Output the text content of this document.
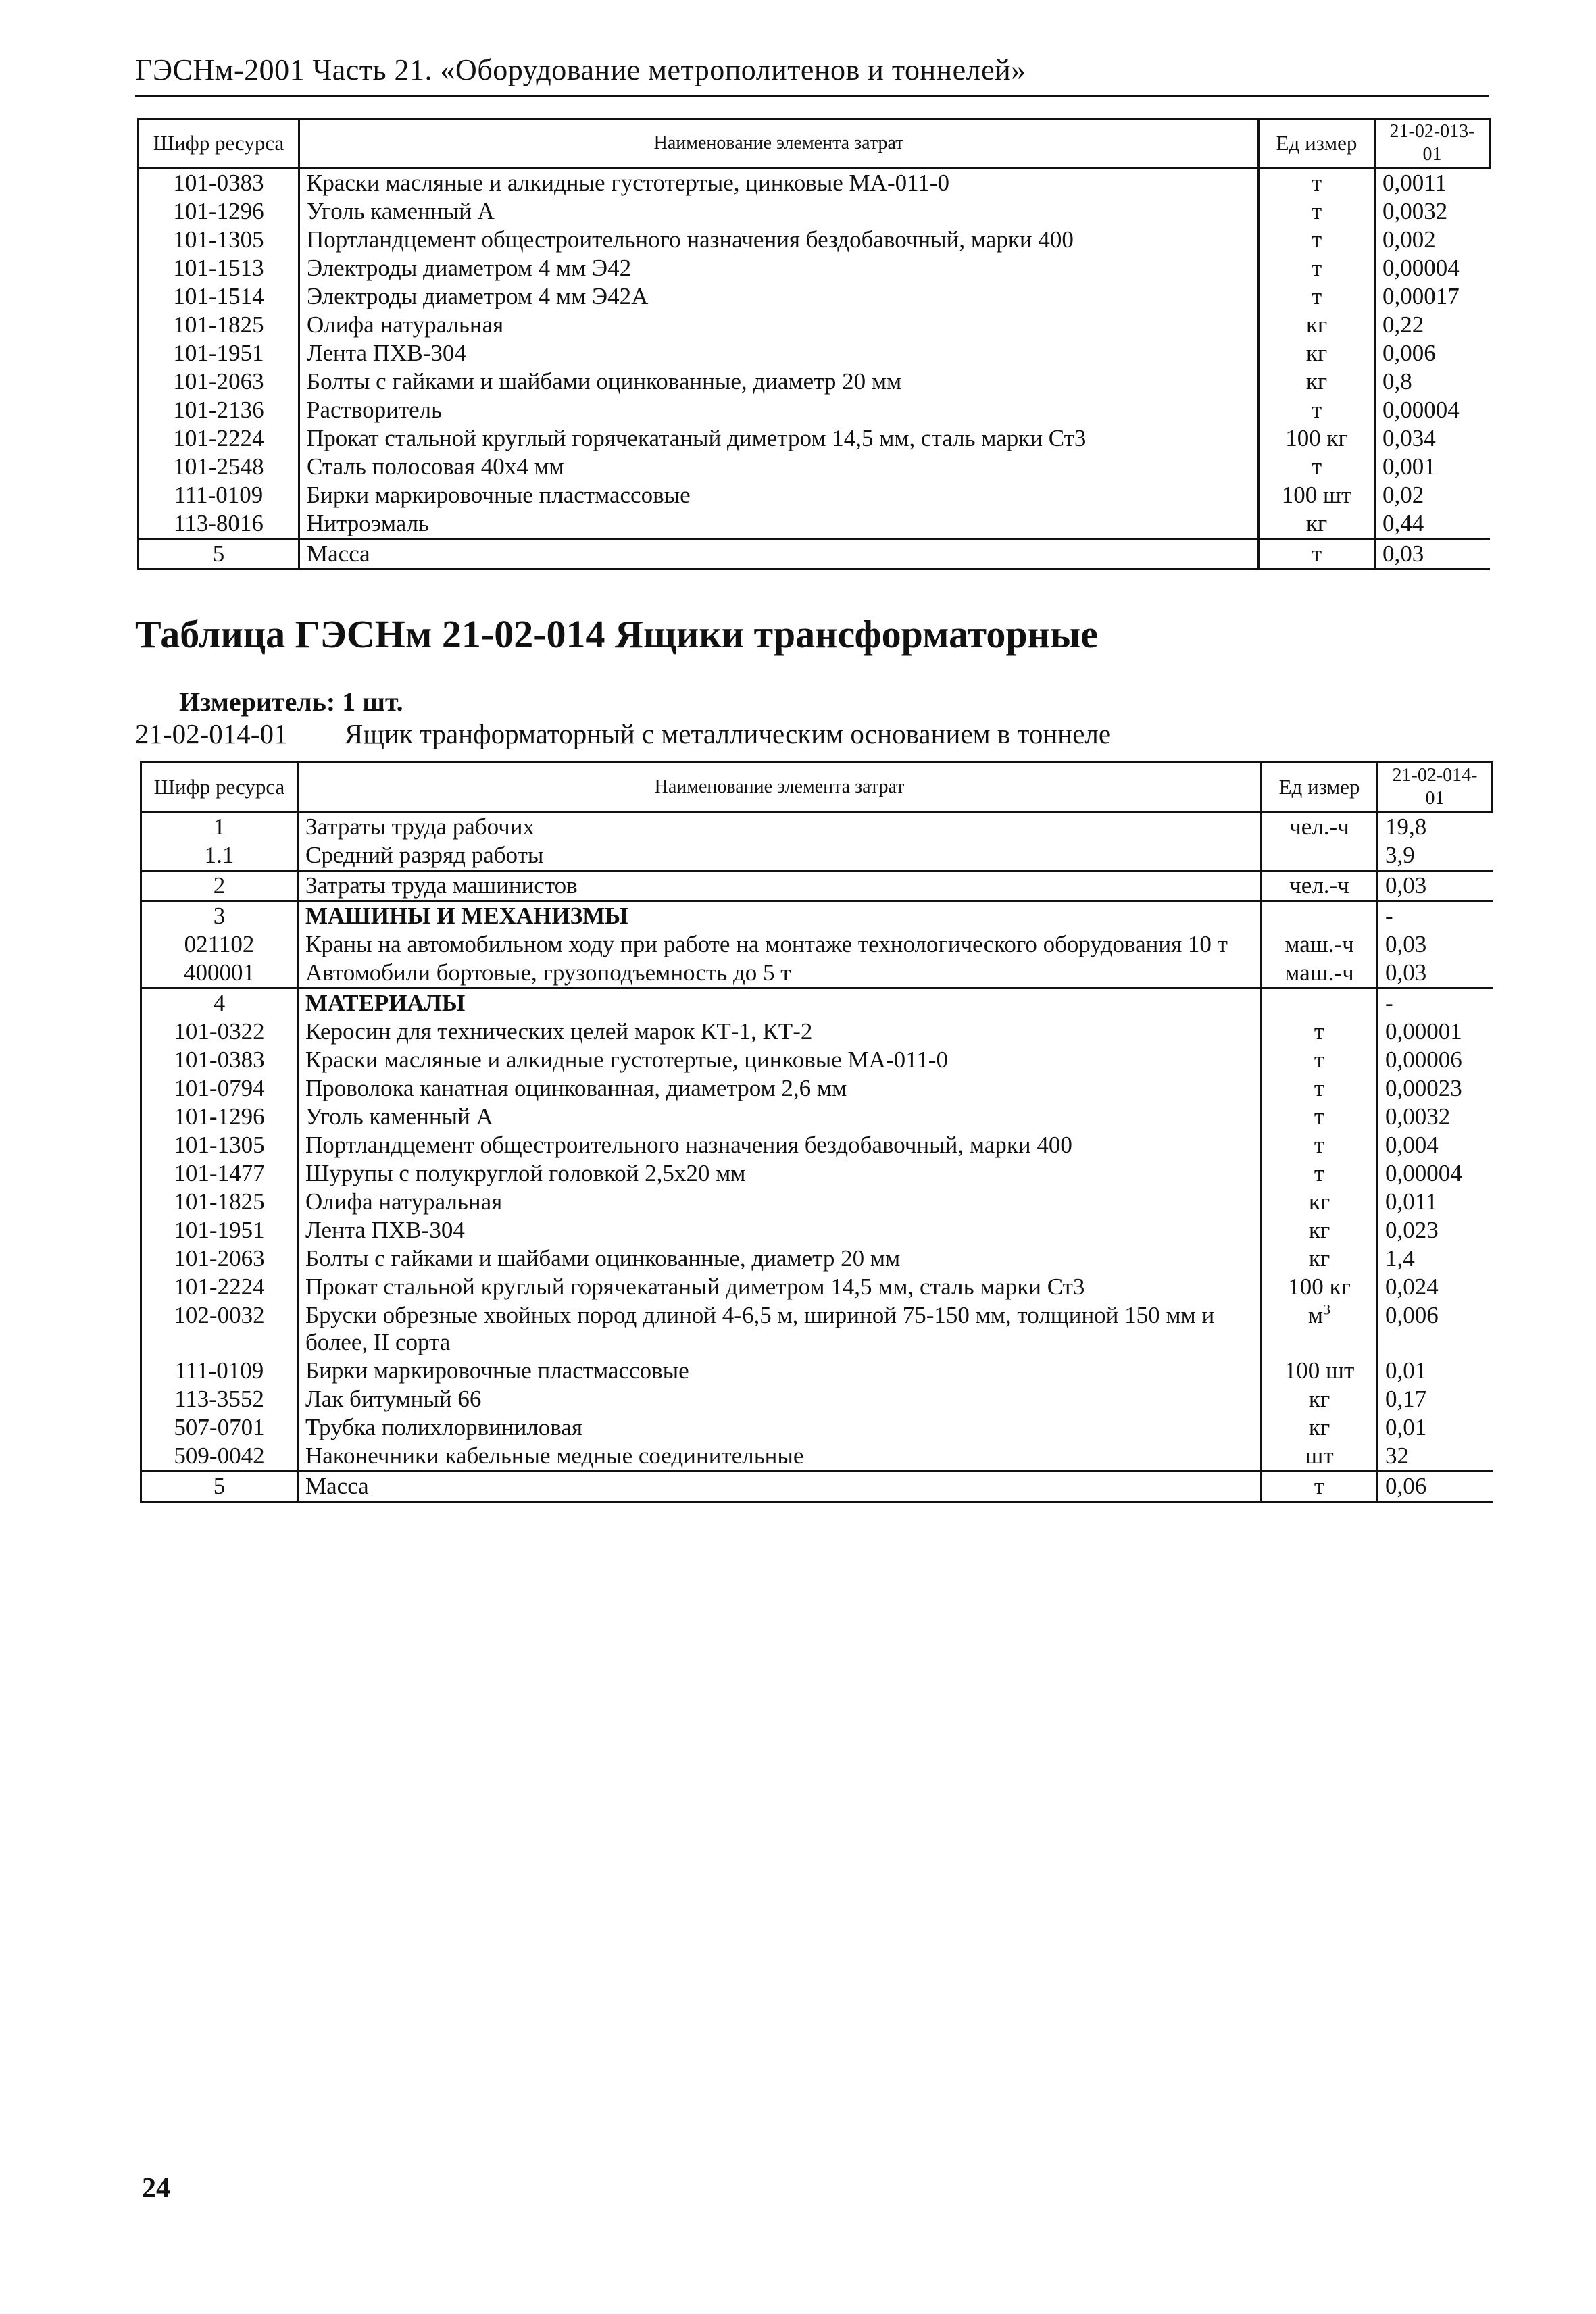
ГЭСНм-2001 Часть 21. «Оборудование метрополитенов и тоннелей»
Шифр ресурса	Наименование элемента затрат	Ед измер	21-02-013-01
101-0383	Краски масляные и алкидные густотертые, цинковые МА-011-0	т	0,0011
101-1296	Уголь каменный А	т	0,0032
101-1305	Портландцемент общестроительного назначения бездобавочный, марки 400	т	0,002
101-1513	Электроды диаметром 4 мм Э42	т	0,00004
101-1514	Электроды диаметром 4 мм Э42А	т	0,00017
101-1825	Олифа натуральная	кг	0,22
101-1951	Лента ПХВ-304	кг	0,006
101-2063	Болты с гайками и шайбами оцинкованные, диаметр 20 мм	кг	0,8
101-2136	Растворитель	т	0,00004
101-2224	Прокат стальной круглый горячекатаный диметром 14,5 мм, сталь марки Ст3	100 кг	0,034
101-2548	Сталь полосовая 40х4 мм	т	0,001
111-0109	Бирки маркировочные пластмассовые	100 шт	0,02
113-8016	Нитроэмаль	кг	0,44
5	Масса	т	0,03
Таблица ГЭСНм 21-02-014 Ящики трансформаторные
Измеритель: 1 шт.
21-02-014-01 Ящик транформаторный с металлическим основанием в тоннеле
Шифр ресурса	Наименование элемента затрат	Ед измер	21-02-014-01
1	Затраты труда рабочих	чел.-ч	19,8
1.1	Средний разряд работы		3,9
2	Затраты труда машинистов	чел.-ч	0,03
3	МАШИНЫ И МЕХАНИЗМЫ		-
021102	Краны на автомобильном ходу при работе на монтаже технологического оборудования 10 т	маш.-ч	0,03
400001	Автомобили бортовые, грузоподъемность до 5 т	маш.-ч	0,03
4	МАТЕРИАЛЫ		-
101-0322	Керосин для технических целей марок КТ-1, КТ-2	т	0,00001
101-0383	Краски масляные и алкидные густотертые, цинковые МА-011-0	т	0,00006
101-0794	Проволока канатная оцинкованная, диаметром 2,6 мм	т	0,00023
101-1296	Уголь каменный А	т	0,0032
101-1305	Портландцемент общестроительного назначения бездобавочный, марки 400	т	0,004
101-1477	Шурупы с полукруглой головкой 2,5х20 мм	т	0,00004
101-1825	Олифа натуральная	кг	0,011
101-1951	Лента ПХВ-304	кг	0,023
101-2063	Болты с гайками и шайбами оцинкованные, диаметр 20 мм	кг	1,4
101-2224	Прокат стальной круглый горячекатаный диметром 14,5 мм, сталь марки Ст3	100 кг	0,024
102-0032	Бруски обрезные хвойных пород длиной 4-6,5 м, шириной 75-150 мм, толщиной 150 мм и более, II сорта	$м^3$	0,006
111-0109	Бирки маркировочные пластмассовые	100 шт	0,01
113-3552	Лак битумный 66	кг	0,17
507-0701	Трубка полихлорвиниловая	кг	0,01
509-0042	Наконечники кабельные медные соединительные	шт	32
5	Масса	т	0,06
24
